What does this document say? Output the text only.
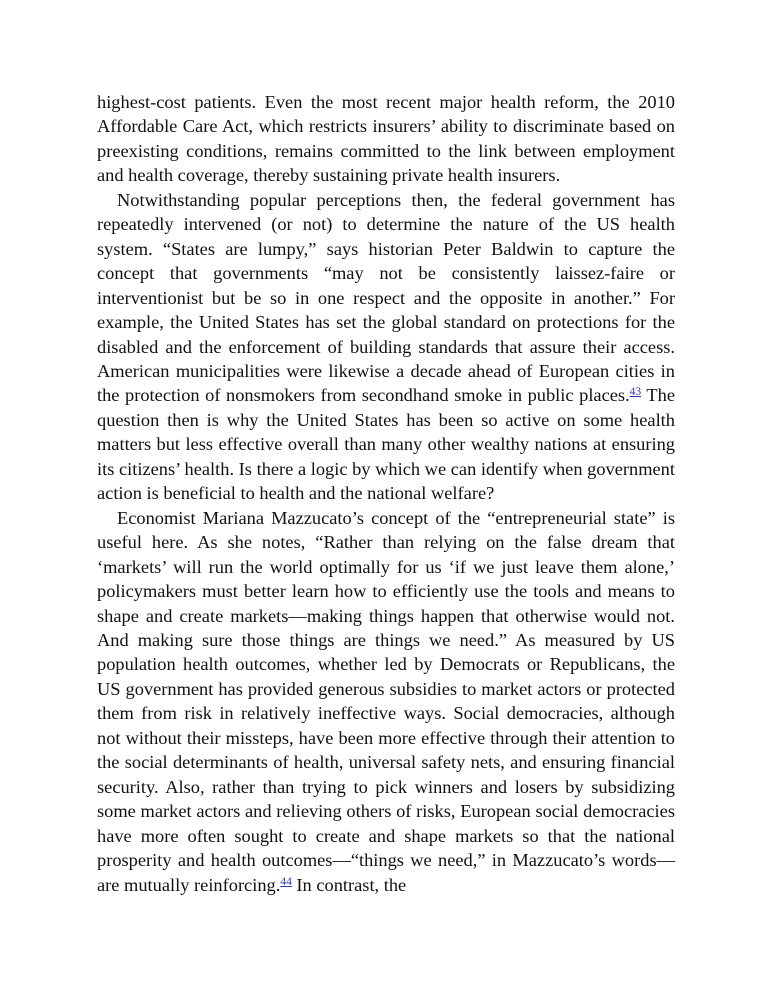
highest-cost patients. Even the most recent major health reform, the 2010 Affordable Care Act, which restricts insurers’ ability to discriminate based on preexisting conditions, remains committed to the link between employment and health coverage, thereby sustaining private health insurers.

Notwithstanding popular perceptions then, the federal government has repeatedly intervened (or not) to determine the nature of the US health system. “States are lumpy,” says historian Peter Baldwin to capture the concept that governments “may not be consistently laissez-faire or interventionist but be so in one respect and the opposite in another.” For example, the United States has set the global standard on protections for the disabled and the enforcement of building standards that assure their access. American municipalities were likewise a decade ahead of European cities in the protection of nonsmokers from secondhand smoke in public places.$^{43}$ The question then is why the United States has been so active on some health matters but less effective overall than many other wealthy nations at ensuring its citizens’ health. Is there a logic by which we can identify when government action is beneficial to health and the national welfare?

Economist Mariana Mazzucato’s concept of the “entrepreneurial state” is useful here. As she notes, “Rather than relying on the false dream that ‘markets’ will run the world optimally for us ‘if we just leave them alone,’ policymakers must better learn how to efficiently use the tools and means to shape and create markets—making things happen that otherwise would not. And making sure those things are things we need.” As measured by US population health outcomes, whether led by Democrats or Republicans, the US government has provided generous subsidies to market actors or protected them from risk in relatively ineffective ways. Social democracies, although not without their missteps, have been more effective through their attention to the social determinants of health, universal safety nets, and ensuring financial security. Also, rather than trying to pick winners and losers by subsidizing some market actors and relieving others of risks, European social democracies have more often sought to create and shape markets so that the national prosperity and health outcomes—“things we need,” in Mazzucato’s words—are mutually reinforcing.$^{44}$ In contrast, the
